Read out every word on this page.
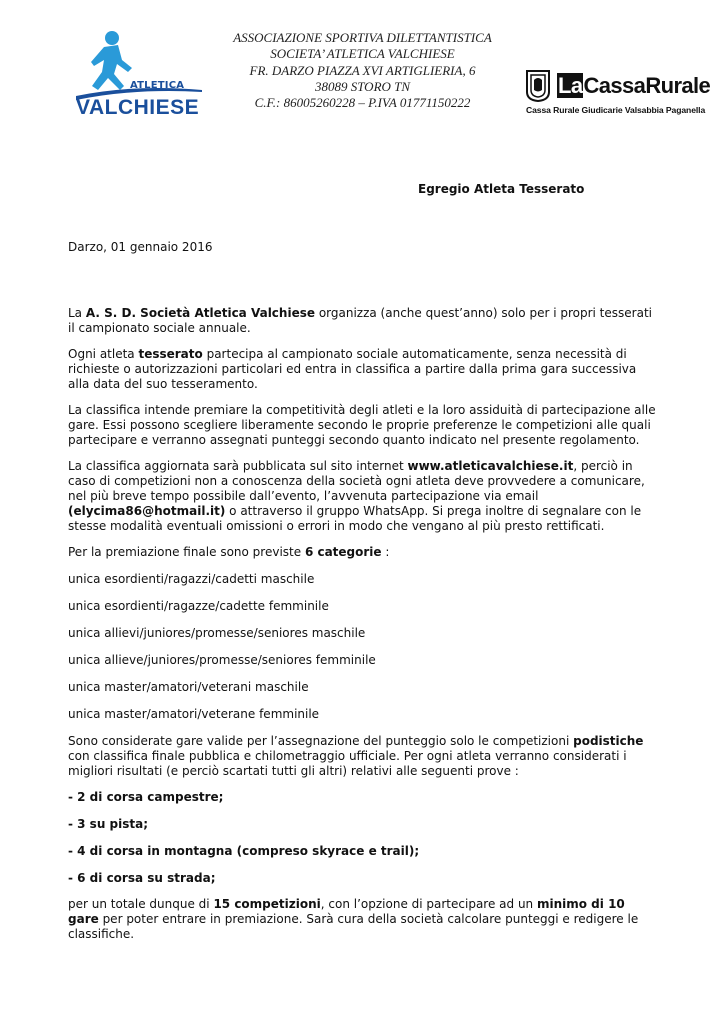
ATLETICA
VALCHIESE
ASSOCIAZIONE SPORTIVA DILETTANTISTICA
SOCIETA’ ATLETICA VALCHIESE
FR. DARZO PIAZZA XVI ARTIGLIERIA, 6
38089 STORO TN
C.F.: 86005260228 – P.IVA 01771150222
LaCassaRurale
Cassa Rurale Giudicarie Valsabbia Paganella
Egregio Atleta Tesserato
Darzo, 01 gennaio 2016

La A. S. D. Società Atletica Valchiese organizza (anche quest’anno) solo per i propri tesserati il campionato sociale annuale.

Ogni atleta tesserato partecipa al campionato sociale automaticamente, senza necessità di richieste o autorizzazioni particolari ed entra in classifica a partire dalla prima gara successiva alla data del suo tesseramento.

La classifica intende premiare la competitività degli atleti e la loro assiduità di partecipazione alle gare. Essi possono scegliere liberamente secondo le proprie preferenze le competizioni alle quali partecipare e verranno assegnati punteggi secondo quanto indicato nel presente regolamento.

La classifica aggiornata sarà pubblicata sul sito internet www.atleticavalchiese.it, perciò in caso di competizioni non a conoscenza della società ogni atleta deve provvedere a comunicare, nel più breve tempo possibile dall’evento, l’avvenuta partecipazione via email (elycima86@hotmail.it) o attraverso il gruppo WhatsApp. Si prega inoltre di segnalare con le stesse modalità eventuali omissioni o errori in modo che vengano al più presto rettificati.

Per la premiazione finale sono previste 6 categorie :

unica esordienti/ragazzi/cadetti maschile

unica esordienti/ragazze/cadette femminile

unica allievi/juniores/promesse/seniores maschile

unica allieve/juniores/promesse/seniores femminile

unica master/amatori/veterani maschile

unica master/amatori/veterane femminile

Sono considerate gare valide per l’assegnazione del punteggio solo le competizioni podistiche con classifica finale pubblica e chilometraggio ufficiale. Per ogni atleta verranno considerati i migliori risultati (e perciò scartati tutti gli altri) relativi alle seguenti prove :

- 2 di corsa campestre;

- 3 su pista;

- 4 di corsa in montagna (compreso skyrace e trail);

- 6 di corsa su strada;

per un totale dunque di 15 competizioni, con l’opzione di partecipare ad un minimo di 10 gare per poter entrare in premiazione. Sarà cura della società calcolare punteggi e redigere le classifiche.
